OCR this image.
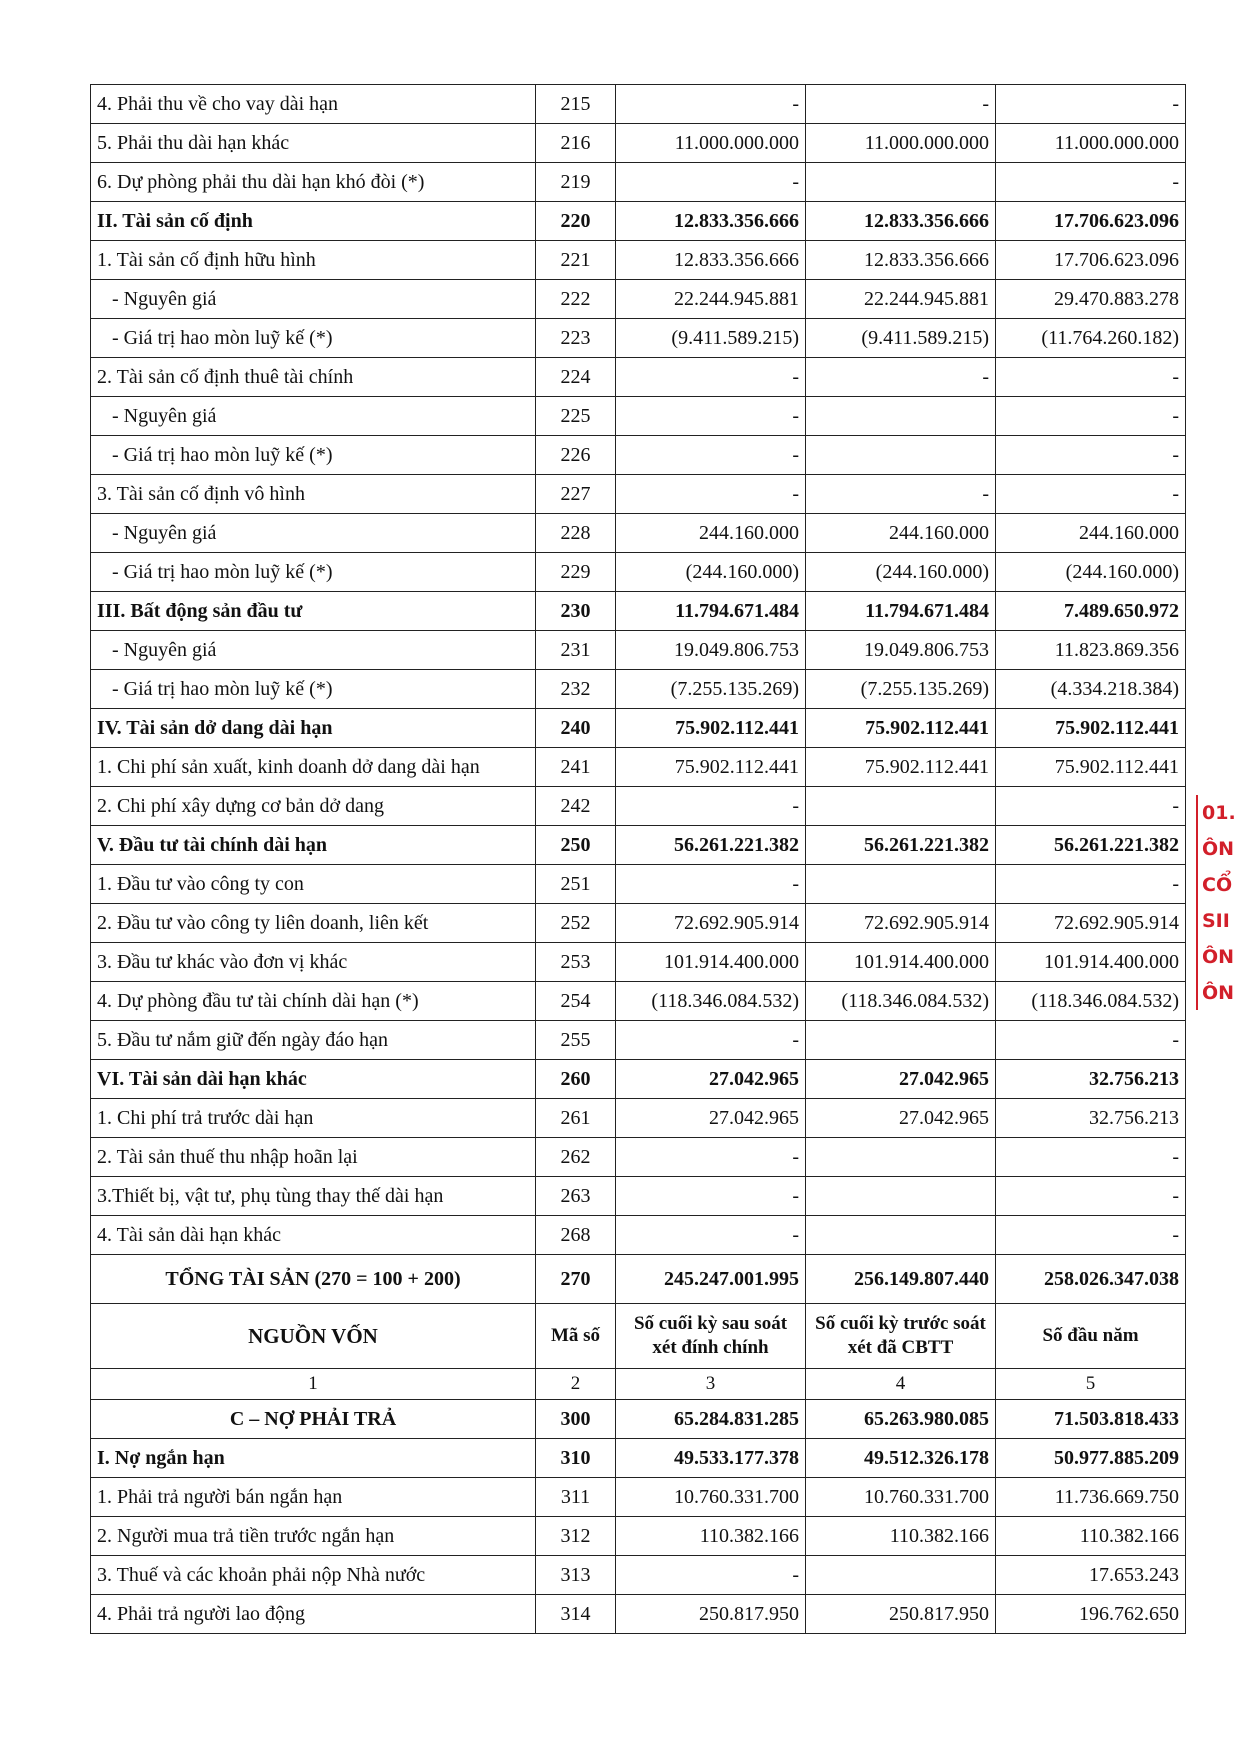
4. Phải thu về cho vay dài hạn	215	-	-	-
5. Phải thu dài hạn khác	216	11.000.000.000	11.000.000.000	11.000.000.000
6. Dự phòng phải thu dài hạn khó đòi (*)	219	-		-
II. Tài sản cố định	220	12.833.356.666	12.833.356.666	17.706.623.096
1. Tài sản cố định hữu hình	221	12.833.356.666	12.833.356.666	17.706.623.096
- Nguyên giá	222	22.244.945.881	22.244.945.881	29.470.883.278
- Giá trị hao mòn luỹ kế (*)	223	(9.411.589.215)	(9.411.589.215)	(11.764.260.182)
2. Tài sản cố định thuê tài chính	224	-	-	-
- Nguyên giá	225	-		-
- Giá trị hao mòn luỹ kế (*)	226	-		-
3. Tài sản cố định vô hình	227	-	-	-
- Nguyên giá	228	244.160.000	244.160.000	244.160.000
- Giá trị hao mòn luỹ kế (*)	229	(244.160.000)	(244.160.000)	(244.160.000)
III. Bất động sản đầu tư	230	11.794.671.484	11.794.671.484	7.489.650.972
- Nguyên giá	231	19.049.806.753	19.049.806.753	11.823.869.356
- Giá trị hao mòn luỹ kế (*)	232	(7.255.135.269)	(7.255.135.269)	(4.334.218.384)
IV. Tài sản dở dang dài hạn	240	75.902.112.441	75.902.112.441	75.902.112.441
1. Chi phí sản xuất, kinh doanh dở dang dài hạn	241	75.902.112.441	75.902.112.441	75.902.112.441
2. Chi phí xây dựng cơ bản dở dang	242	-		-
V. Đầu tư tài chính dài hạn	250	56.261.221.382	56.261.221.382	56.261.221.382
1. Đầu tư vào công ty con	251	-		-
2. Đầu tư vào công ty liên doanh, liên kết	252	72.692.905.914	72.692.905.914	72.692.905.914
3. Đầu tư khác vào đơn vị khác	253	101.914.400.000	101.914.400.000	101.914.400.000
4. Dự phòng đầu tư tài chính dài hạn (*)	254	(118.346.084.532)	(118.346.084.532)	(118.346.084.532)
5. Đầu tư nắm giữ đến ngày đáo hạn	255	-		-
VI. Tài sản dài hạn khác	260	27.042.965	27.042.965	32.756.213
1. Chi phí trả trước dài hạn	261	27.042.965	27.042.965	32.756.213
2. Tài sản thuế thu nhập hoãn lại	262	-		-
3.Thiết bị, vật tư, phụ tùng thay thế dài hạn	263	-		-
4. Tài sản dài hạn khác	268	-		-
TỔNG TÀI SẢN (270 = 100 + 200)	270	245.247.001.995	256.149.807.440	258.026.347.038
NGUỒN VỐN	Mã số	Số cuối kỳ sau soát xét đính chính	Số cuối kỳ trước soát xét đã CBTT	Số đầu năm
1	2	3	4	5
C – NỢ PHẢI TRẢ	300	65.284.831.285	65.263.980.085	71.503.818.433
I. Nợ ngắn hạn	310	49.533.177.378	49.512.326.178	50.977.885.209
1. Phải trả người bán ngắn hạn	311	10.760.331.700	10.760.331.700	11.736.669.750
2. Người mua trả tiền trước ngắn hạn	312	110.382.166	110.382.166	110.382.166
3. Thuế và các khoản phải nộp Nhà nước	313	-		17.653.243
4. Phải trả người lao động	314	250.817.950	250.817.950	196.762.650
01.
ÔN
CỔ
SII
ÔN
ÔN
